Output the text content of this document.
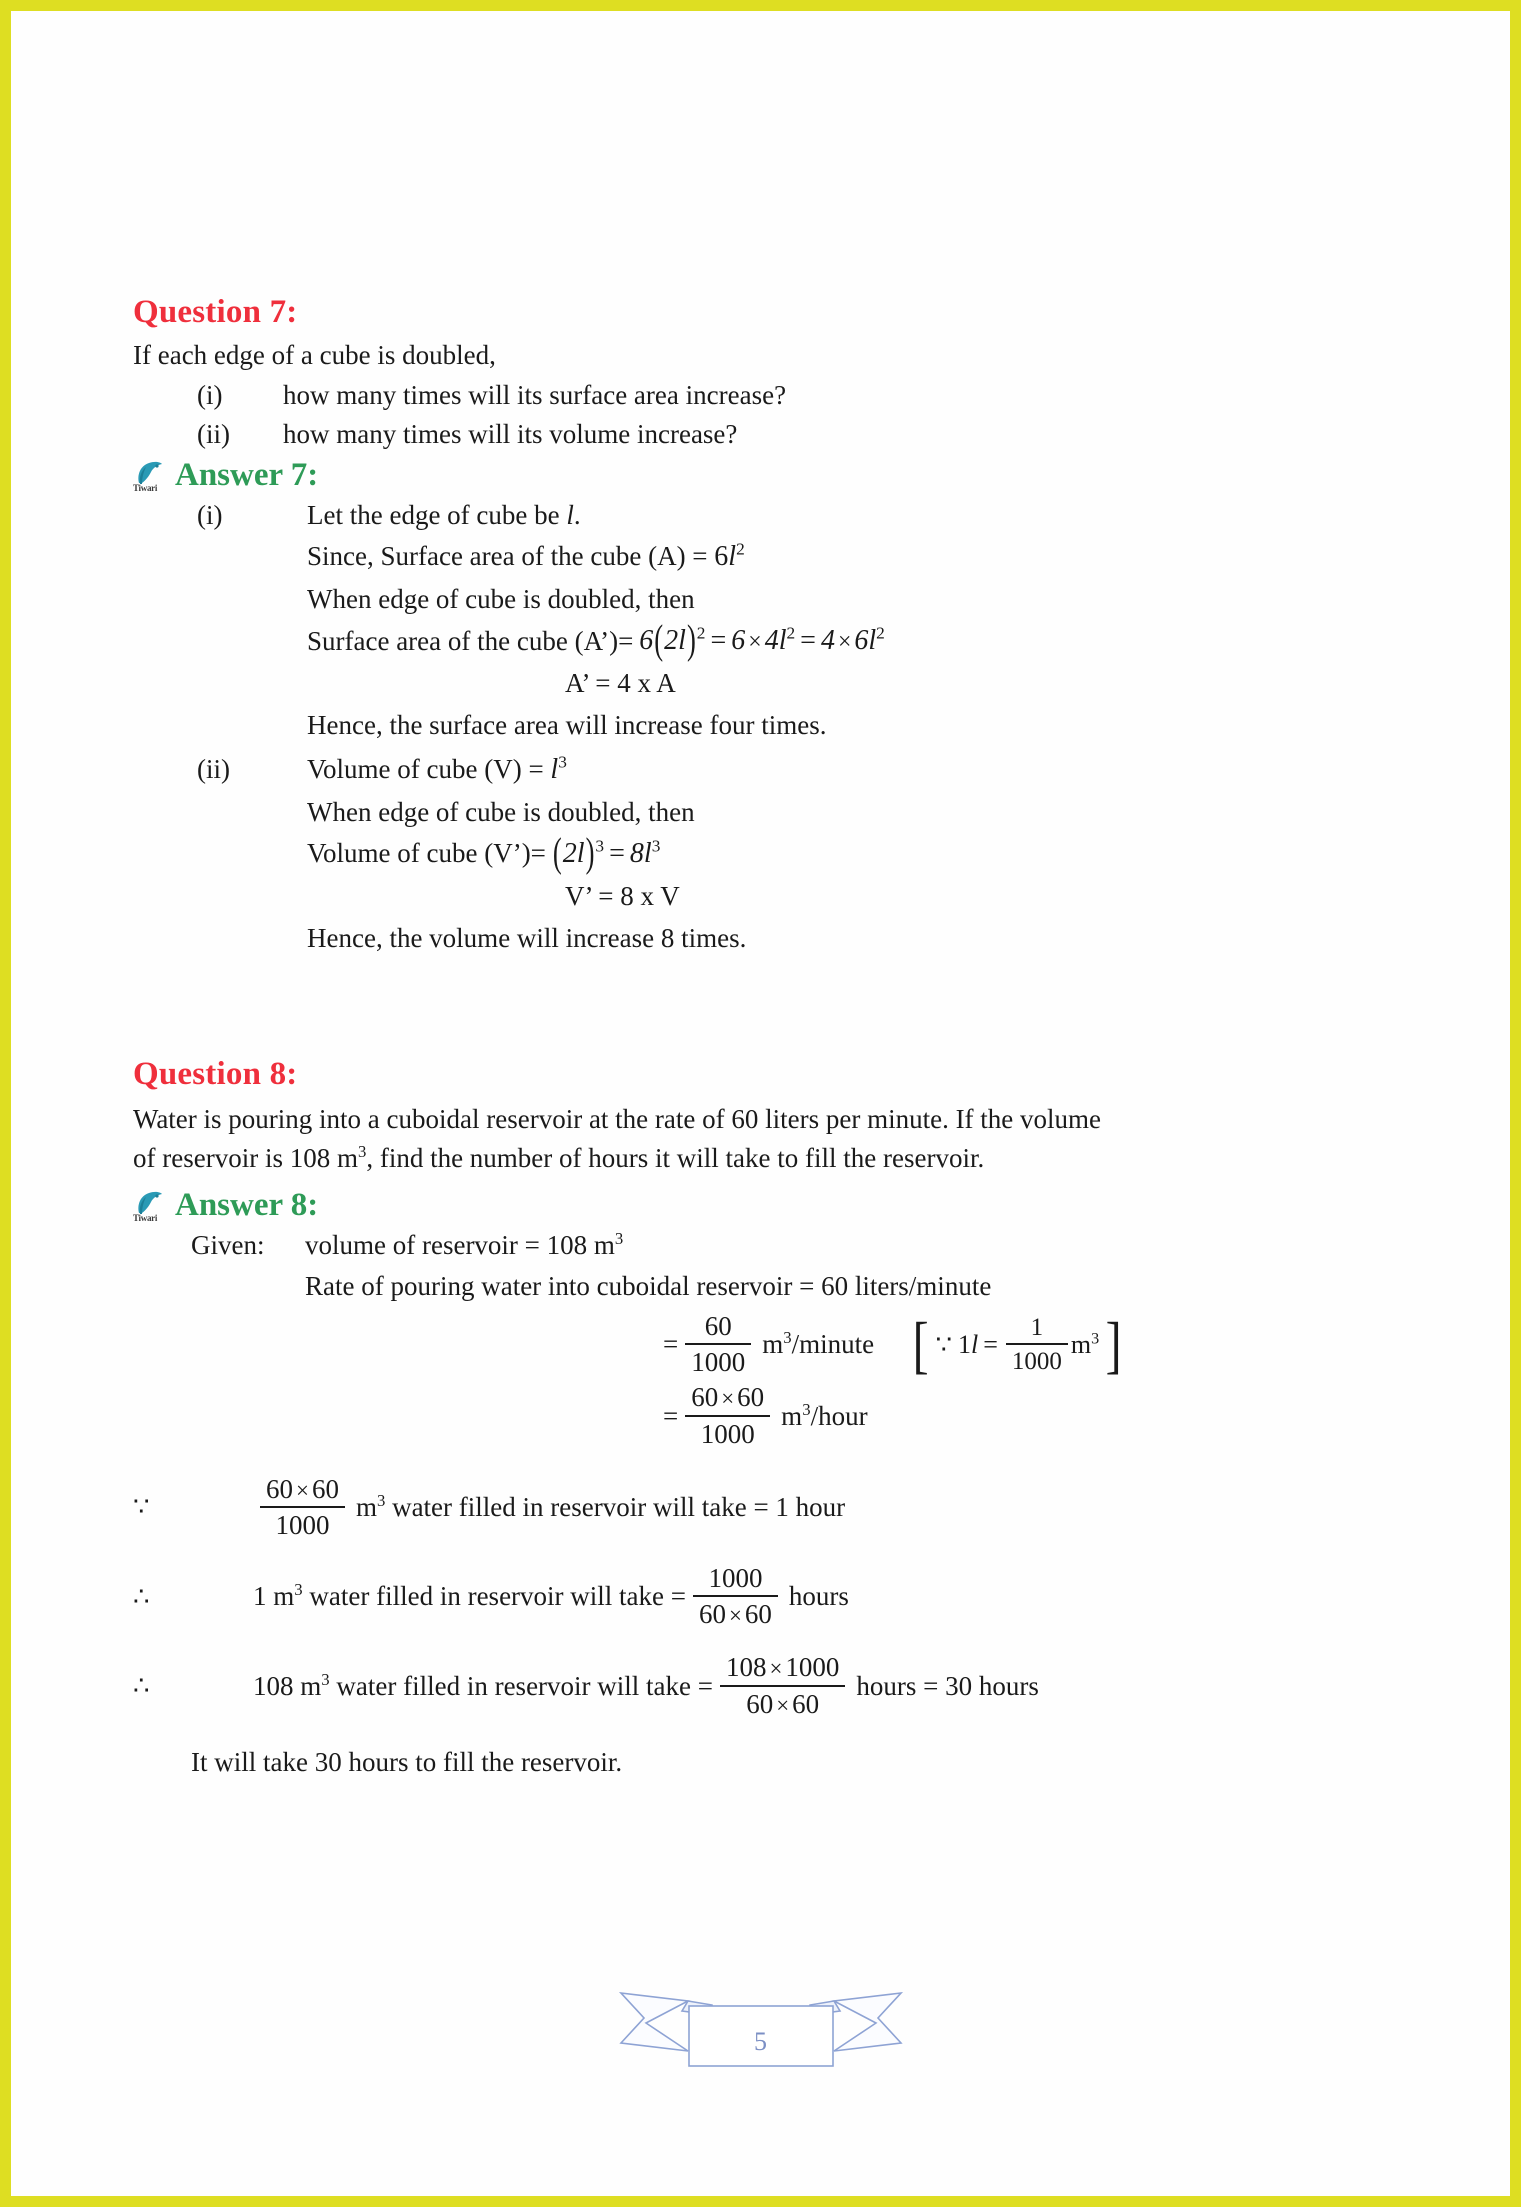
Question 7:
If each edge of a cube is doubled,
(i)	how many times will its surface area increase?
(ii)	how many times will its volume increase?
Tiwari Answer 7:
(i)	Let the edge of cube be l.
Since, Surface area of the cube $(A) = 6l^2$
When edge of cube is doubled, then
Surface area of the cube (A’)= $6(2l)^2 = 6 \times 4l^2 = 4 \times 6l^2$
A’ = 4 x A
Hence, the surface area will increase four times.
(ii)	Volume of cube $(V) = l^3$
When edge of cube is doubled, then
Volume of cube (V’)= $(2l)^3 = 8l^3$
V’ = 8 x V
Hence, the volume will increase 8 times.
Question 8:
Water is pouring into a cuboidal reservoir at the rate of 60 liters per minute. If the volume
of reservoir is 108 $m^3$, find the number of hours it will take to fill the reservoir.
Tiwari Answer 8:
Given:	volume of reservoir = 108 $m^3$
Rate of pouring water into cuboidal reservoir = 60 liters/minute
= $\frac{60}{1000}$ $m^3$/minute [ ∵ 1 $l = \frac{1}{1000} m^3$ ]
= $\frac{60 \times 60}{1000}$ $m^3$/hour
∵	$\frac{60 \times 60}{1000} m^3$ water filled in reservoir will take = 1 hour
∴	1 $m^3$ water filled in reservoir will take = $\frac{1000}{60 \times 60}$ hours
∴	108 $m^3$ water filled in reservoir will take = $\frac{108 \times 1000}{60 \times 60}$ hours = 30 hours
It will take 30 hours to fill the reservoir.
5
